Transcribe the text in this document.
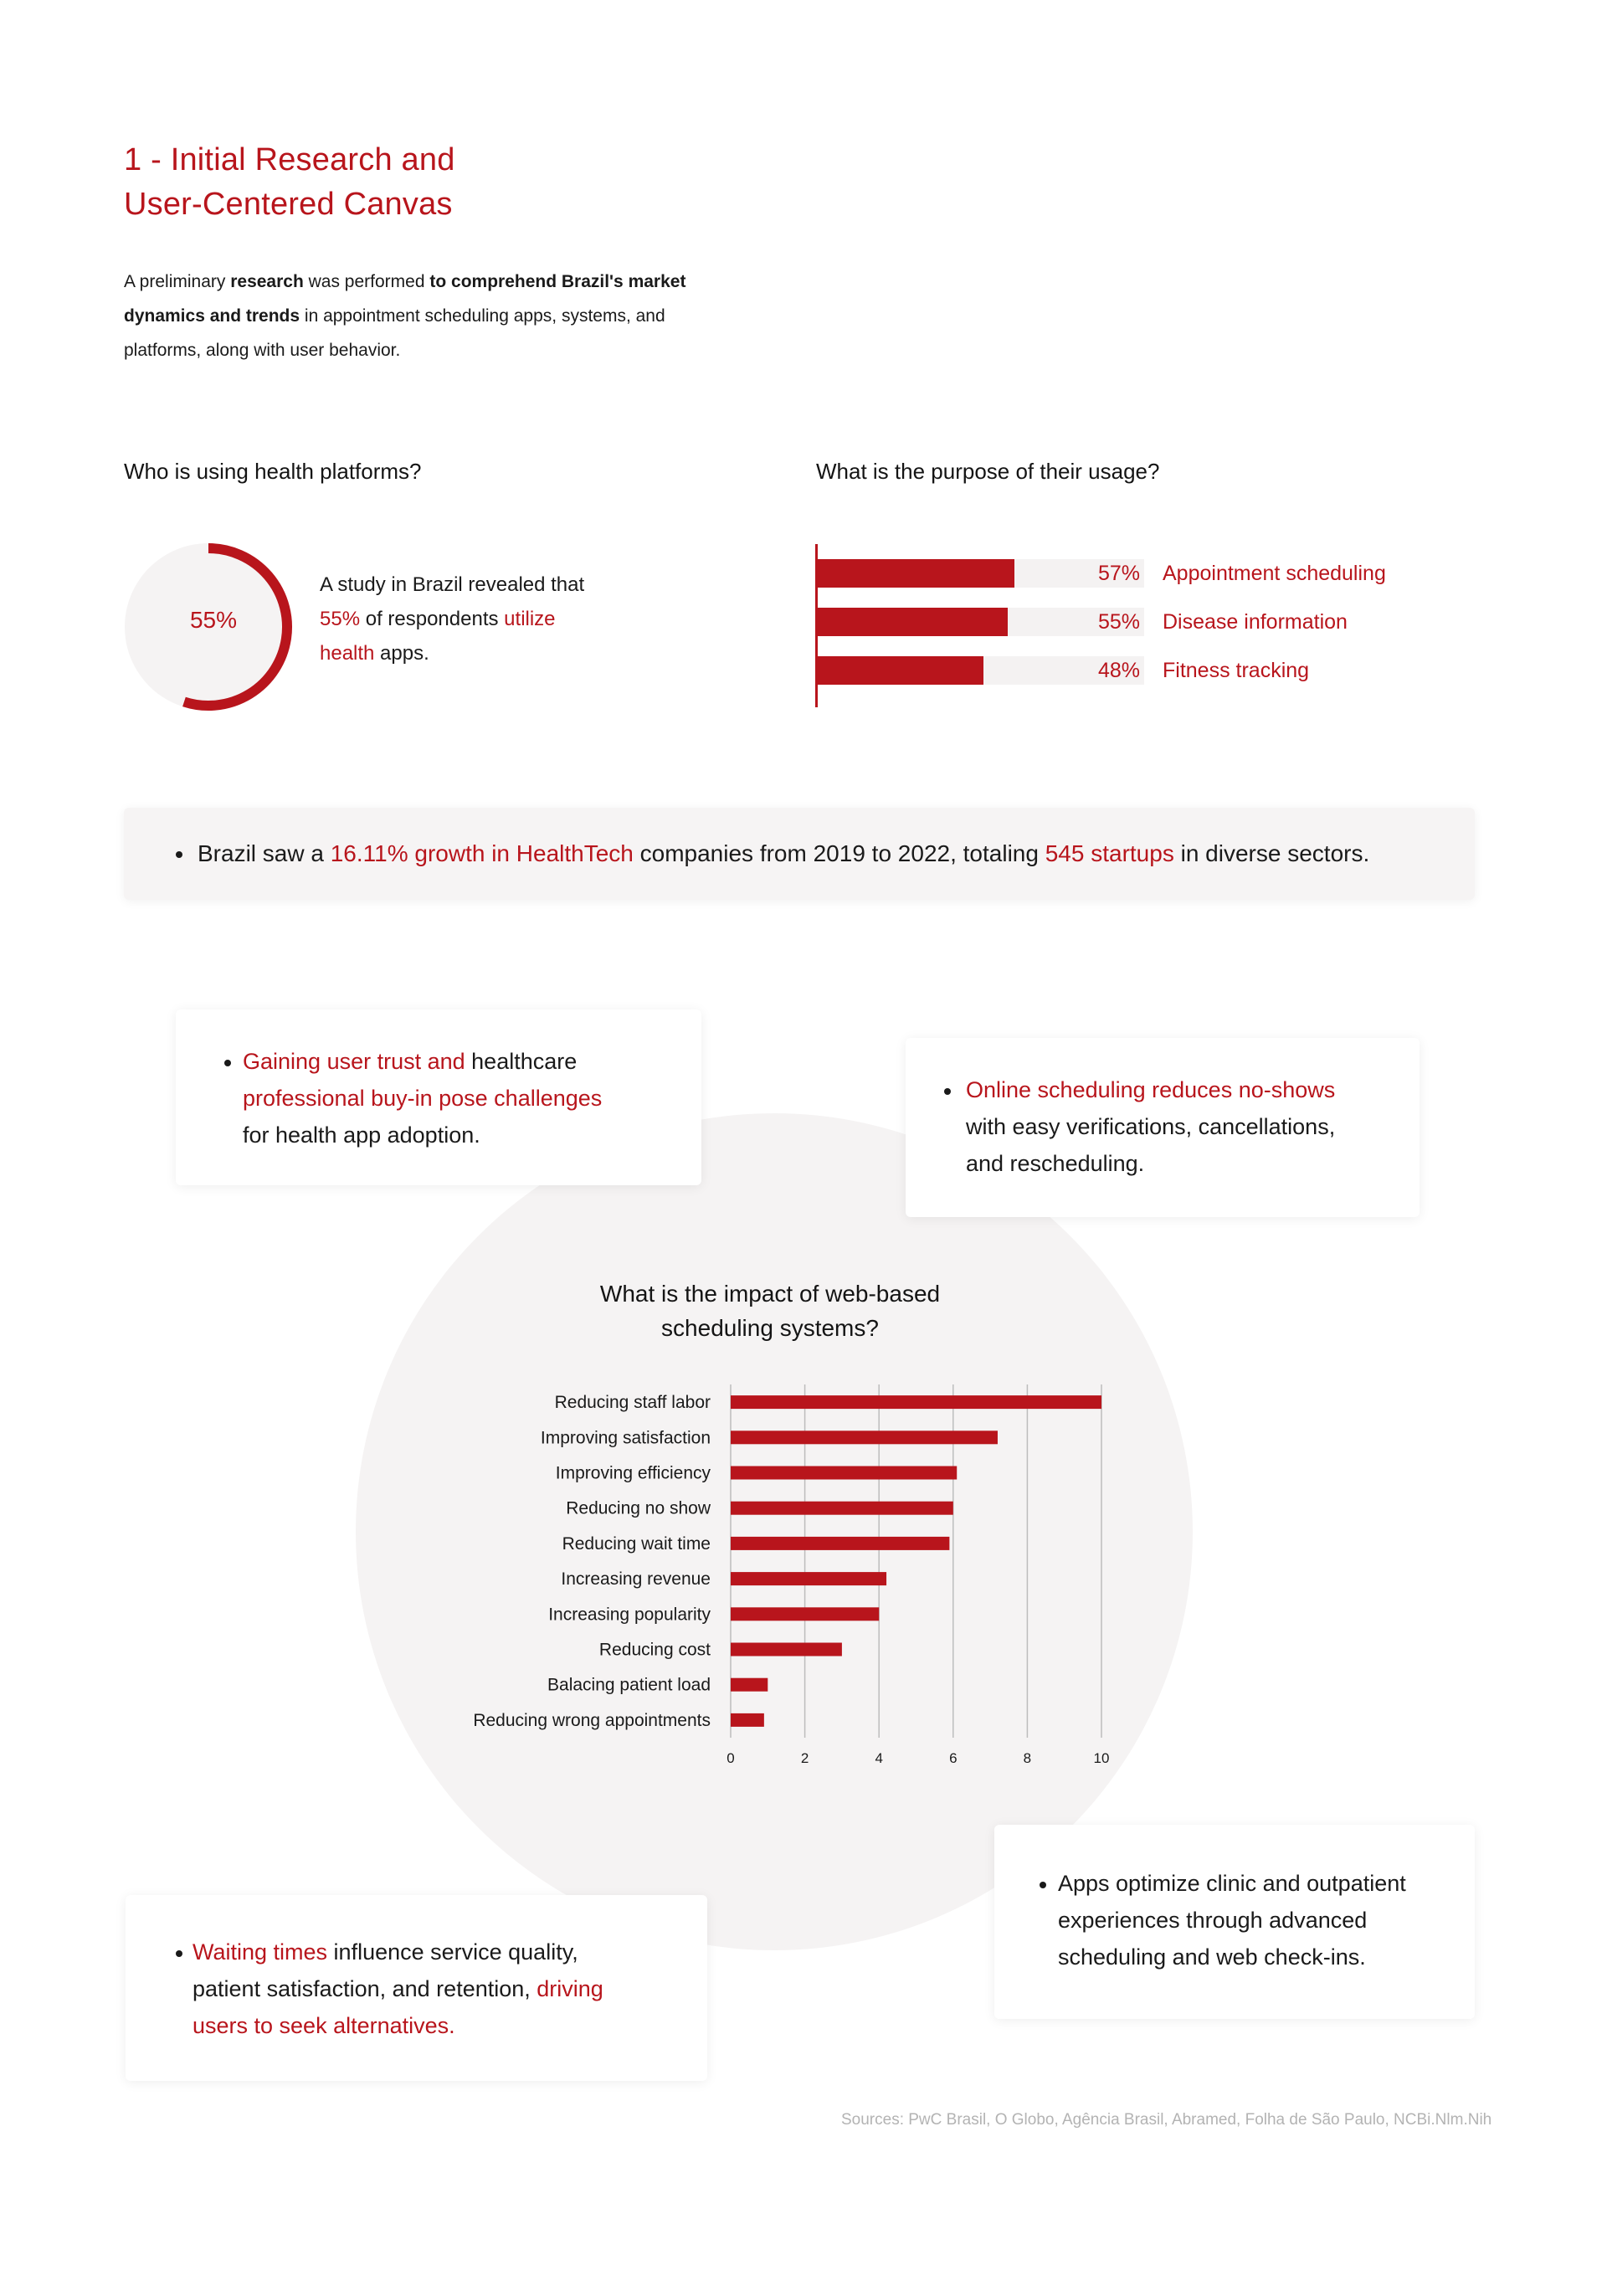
1 - Initial Research and
User-Centered Canvas

A preliminary research was performed to comprehend Brazil's market dynamics and trends in appointment scheduling apps, systems, and platforms, along with user behavior.

Who is using health platforms?
55%

A study in Brazil revealed that 55% of respondents utilize health apps.

What is the purpose of their usage?
57% Appointment scheduling
55% Disease information
48% Fitness tracking
Brazil saw a 16.11% growth in HealthTech companies from 2019 to 2022, totaling 545 startups in diverse sectors.

Gaining user trust and healthcare
professional buy-in pose challenges
for health app adoption.

Online scheduling reduces no-shows
with easy verifications, cancellations,
and rescheduling.

What is the impact of web-based
scheduling systems?

0	2	4	6	8	10
Reducing staff labor
Improving satisfaction
Improving efficiency
Reducing no show
Reducing wait time
Increasing revenue
Increasing popularity
Reducing cost
Balacing patient load
Reducing wrong appointments

Waiting times influence service quality,
patient satisfaction, and retention, driving
users to seek alternatives.

Apps optimize clinic and outpatient
experiences through advanced
scheduling and web check-ins.

Sources: PwC Brasil, O Globo, Agência Brasil, Abramed, Folha de São Paulo, NCBi.Nlm.Nih
